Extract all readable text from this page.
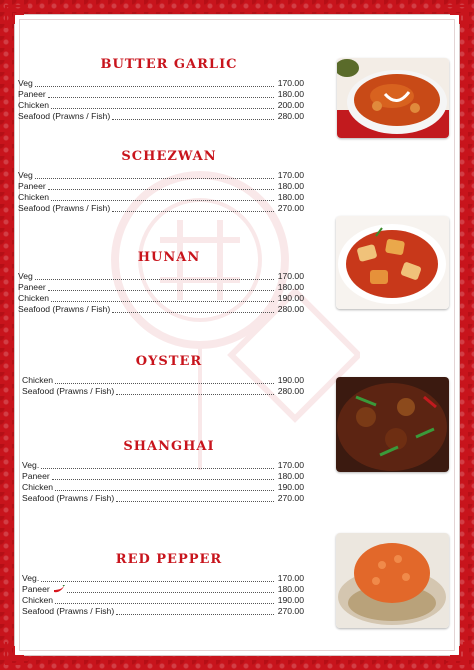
BUTTER GARLIC
Veg	170.00
Paneer	180.00
Chicken	200.00
Seafood (Prawns / Fish)	280.00
SCHEZWAN
Veg	170.00
Paneer	180.00
Chicken	180.00
Seafood (Prawns / Fish)	270.00
HUNAN
Veg	170.00
Paneer	180.00
Chicken	190.00
Seafood (Prawns / Fish)	280.00
OYSTER
Chicken	190.00
Seafood (Prawns / Fish)	280.00
SHANGHAI
Veg.	170.00
Paneer	180.00
Chicken	190.00
Seafood (Prawns / Fish)	270.00
RED PEPPER
Veg.	170.00
Paneer	180.00
Chicken	190.00
Seafood (Prawns / Fish)	270.00
